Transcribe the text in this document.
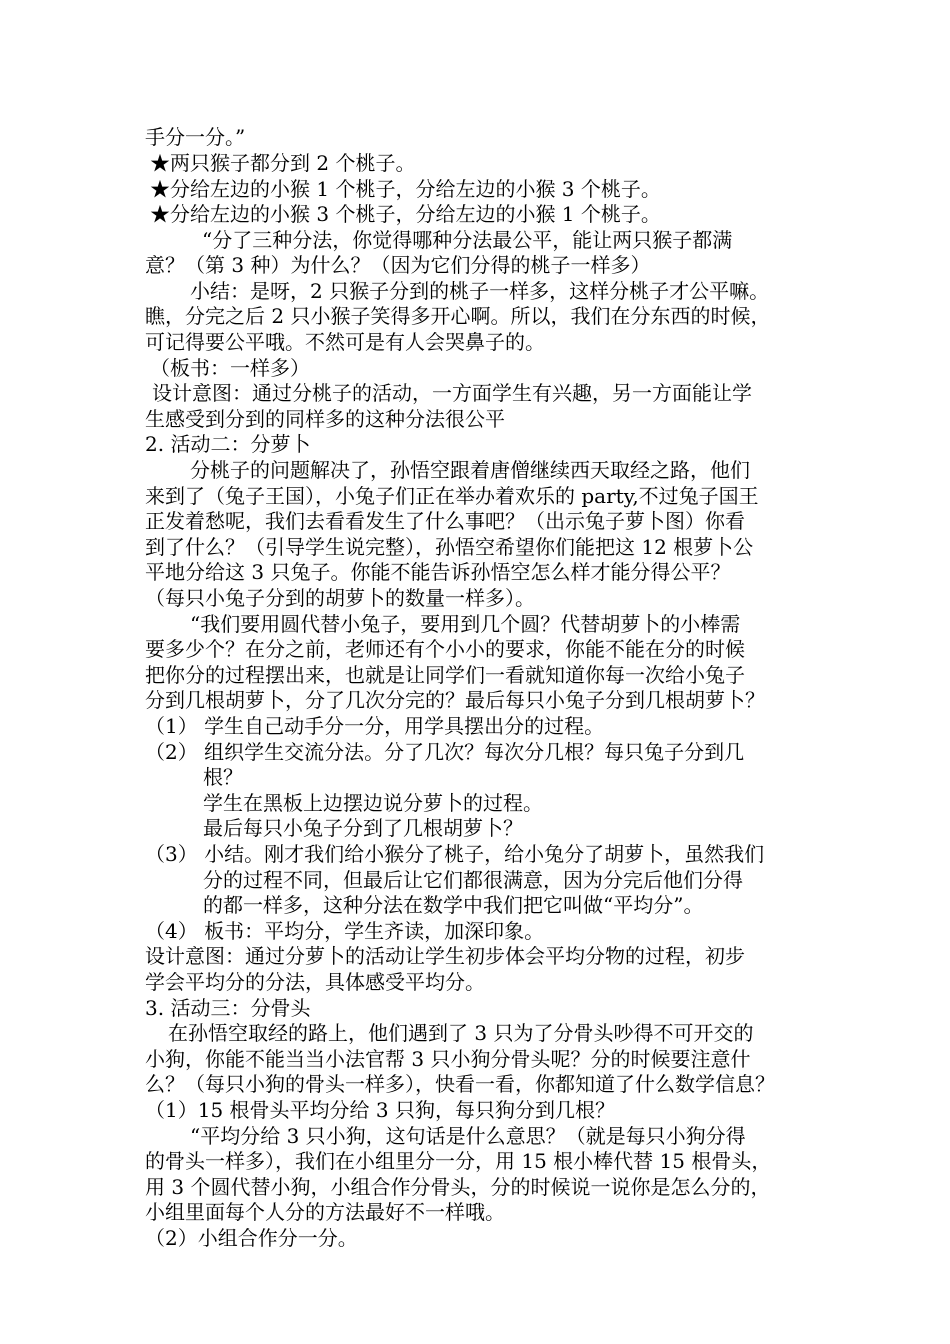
手分一分。”
★两只猴子都分到 2 个桃子。
★分给左边的小猴 1 个桃子，分给左边的小猴 3 个桃子。
★分给左边的小猴 3 个桃子，分给左边的小猴 1 个桃子。
“分了三种分法，你觉得哪种分法最公平，能让两只猴子都满
意？（第 3 种）为什么？（因为它们分得的桃子一样多）
小结：是呀，2 只猴子分到的桃子一样多，这样分桃子才公平嘛。
瞧，分完之后 2 只小猴子笑得多开心啊。所以，我们在分东西的时候，
可记得要公平哦。不然可是有人会哭鼻子的。
（板书：一样多）
设计意图：通过分桃子的活动，一方面学生有兴趣，另一方面能让学
生感受到分到的同样多的这种分法很公平
2. 活动二：分萝卜
分桃子的问题解决了，孙悟空跟着唐僧继续西天取经之路，他们
来到了（兔子王国），小兔子们正在举办着欢乐的 party,不过兔子国王
正发着愁呢，我们去看看发生了什么事吧？（出示兔子萝卜图）你看
到了什么？（引导学生说完整），孙悟空希望你们能把这 12 根萝卜公
平地分给这 3 只兔子。你能不能告诉孙悟空怎么样才能分得公平？
（每只小兔子分到的胡萝卜的数量一样多）。
“我们要用圆代替小兔子，要用到几个圆？代替胡萝卜的小棒需
要多少个？在分之前，老师还有个小小的要求，你能不能在分的时候
把你分的过程摆出来，也就是让同学们一看就知道你每一次给小兔子
分到几根胡萝卜，分了几次分完的？最后每只小兔子分到几根胡萝卜？
（1） 学生自己动手分一分，用学具摆出分的过程。
（2） 组织学生交流分法。分了几次？每次分几根？每只兔子分到几
根？
学生在黑板上边摆边说分萝卜的过程。
最后每只小兔子分到了几根胡萝卜？
（3） 小结。刚才我们给小猴分了桃子，给小兔分了胡萝卜，虽然我们
分的过程不同，但最后让它们都很满意，因为分完后他们分得
的都一样多，这种分法在数学中我们把它叫做“平均分”。
（4） 板书：平均分，学生齐读，加深印象。
设计意图：通过分萝卜的活动让学生初步体会平均分物的过程，初步
学会平均分的分法，具体感受平均分。
3. 活动三：分骨头
在孙悟空取经的路上，他们遇到了 3 只为了分骨头吵得不可开交的
小狗，你能不能当当小法官帮 3 只小狗分骨头呢？分的时候要注意什
么？（每只小狗的骨头一样多），快看一看，你都知道了什么数学信息？
（1）15 根骨头平均分给 3 只狗，每只狗分到几根？
“平均分给 3 只小狗，这句话是什么意思？（就是每只小狗分得
的骨头一样多），我们在小组里分一分，用 15 根小棒代替 15 根骨头，
用 3 个圆代替小狗，小组合作分骨头，分的时候说一说你是怎么分的，
小组里面每个人分的方法最好不一样哦。
（2）小组合作分一分。
